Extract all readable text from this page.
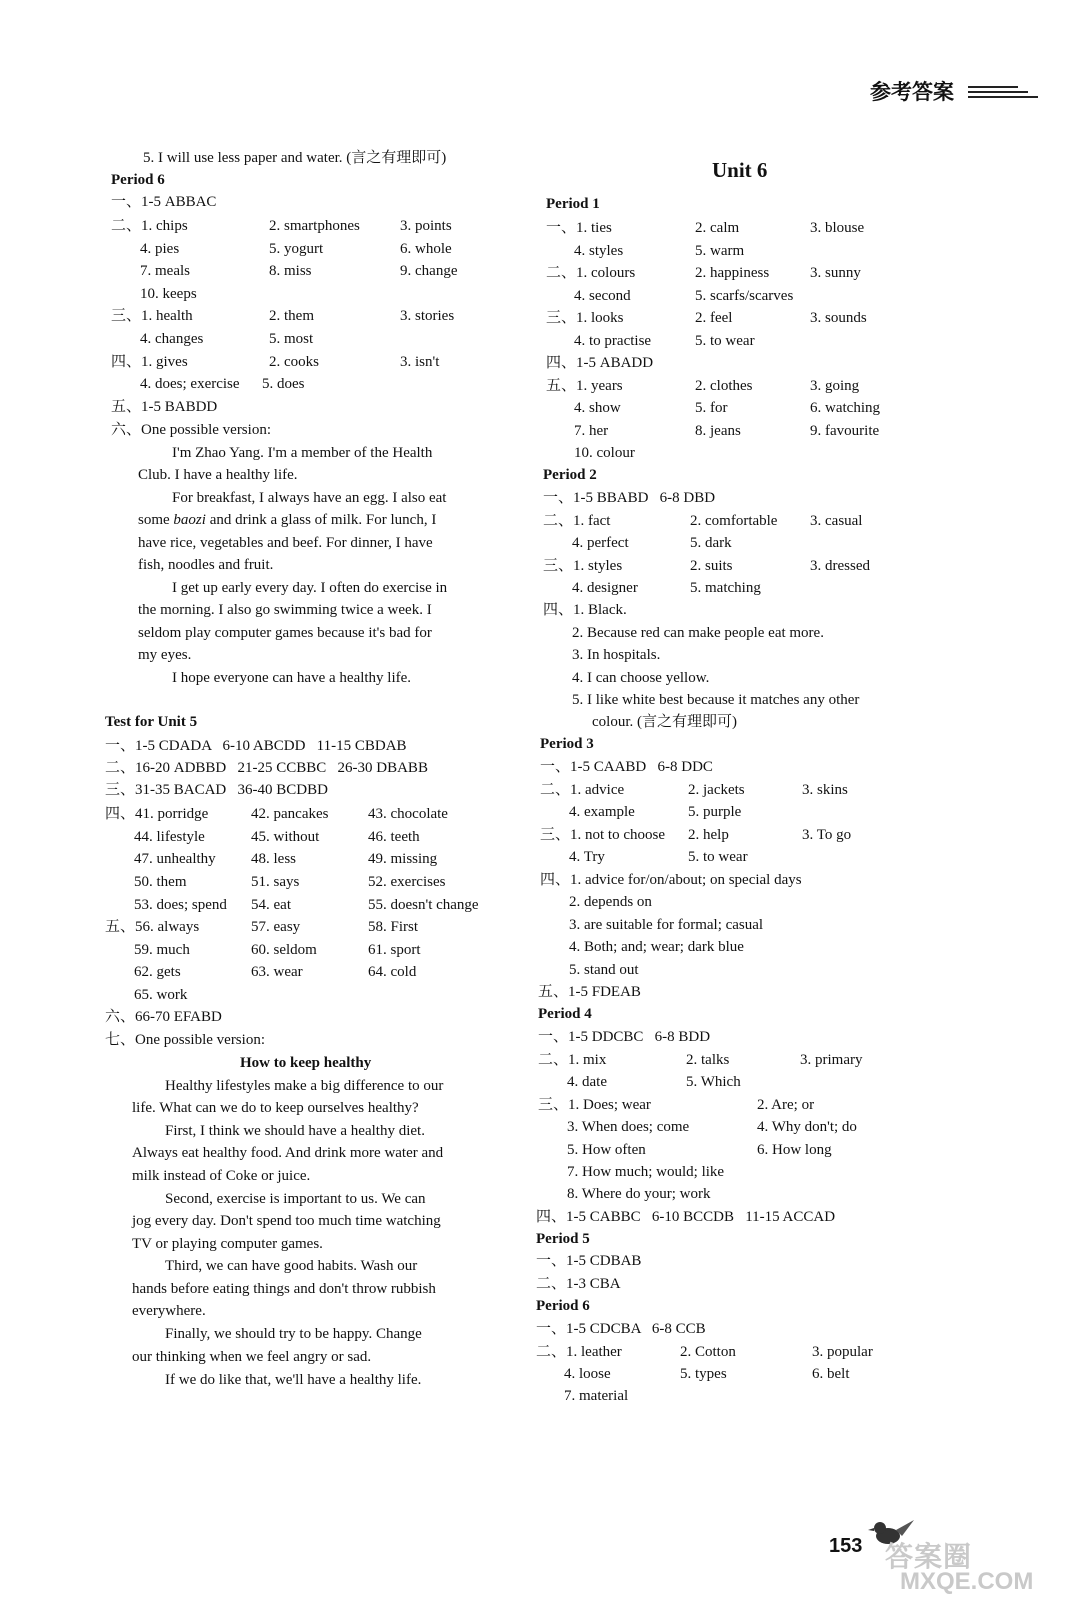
参考答案
5. I will use less paper and water. (言之有理即可)
Period 6
一、1-5 ABBAC
二、1. chips	2. smartphones	3. points
4. pies	5. yogurt	6. whole
7. meals	8. miss	9. change
10. keeps
三、1. health	2. them	3. stories
4. changes	5. most
四、1. gives	2. cooks	3. isn't
4. does; exercise 5. does
五、1-5 BABDD
六、One possible version:
I'm Zhao Yang. I'm a member of the Health
Club. I have a healthy life.
For breakfast, I always have an egg. I also eat
some baozi and drink a glass of milk. For lunch, I
have rice, vegetables and beef. For dinner, I have
fish, noodles and fruit.
I get up early every day. I often do exercise in
the morning. I also go swimming twice a week. I
seldom play computer games because it's bad for
my eyes.
I hope everyone can have a healthy life.
Test for Unit 5
一、1-5 CDADA   6-10 ABCDD   11-15 CBDAB
二、16-20 ADBBD   21-25 CCBBC   26-30 DBABB
三、31-35 BACAD   36-40 BCDBD
四、41. porridge	42. pancakes	43. chocolate
44. lifestyle	45. without	46. teeth
47. unhealthy 48. less	49. missing
50. them	51. says	52. exercises
53. does; spend 54. eat	55. doesn't change
五、56. always	57. easy	58. First
59. much	60. seldom	61. sport
62. gets	63. wear	64. cold
65. work
六、66-70 EFABD
七、One possible version:
How to keep healthy
Healthy lifestyles make a big difference to our
life. What can we do to keep ourselves healthy?
First, I think we should have a healthy diet.
Always eat healthy food. And drink more water and
milk instead of Coke or juice.
Second, exercise is important to us. We can
jog every day. Don't spend too much time watching
TV or playing computer games.
Third, we can have good habits. Wash our
hands before eating things and don't throw rubbish
everywhere.
Finally, we should try to be happy. Change
our thinking when we feel angry or sad.
If we do like that, we'll have a healthy life.
Unit 6
Period 1
一、1. ties	2. calm	3. blouse
4. styles	5. warm
二、1. colours	2. happiness	3. sunny
4. second	5. scarfs/scarves
三、1. looks	2. feel	3. sounds
4. to practise	5. to wear
四、1-5 ABADD
五、1. years	2. clothes	3. going
4. show	5. for	6. watching
7. her	8. jeans	9. favourite
10. colour
Period 2
一、1-5 BBABD   6-8 DBD
二、1. fact	2. comfortable 3. casual
4. perfect	5. dark
三、1. styles	2. suits	3. dressed
4. designer	5. matching
四、1. Black.
2. Because red can make people eat more.
3. In hospitals.
4. I can choose yellow.
5. I like white best because it matches any other
colour. (言之有理即可)
Period 3
一、1-5 CAABD   6-8 DDC
二、1. advice	2. jackets	3. skins
4. example	5. purple
三、1. not to choose 2. help	3. To go
4. Try	5. to wear
四、1. advice for/on/about; on special days
2. depends on
3. are suitable for formal; casual
4. Both; and; wear; dark blue
5. stand out
五、1-5 FDEAB
Period 4
一、1-5 DDCBC   6-8 BDD
二、1. mix	2. talks	3. primary
4. date	5. Which
三、1. Does; wear	2. Are; or
3. When does; come	4. Why don't; do
5. How often	6. How long
7. How much; would; like
8. Where do your; work
四、1-5 CABBC   6-10 BCCDB   11-15 ACCAD
Period 5
一、1-5 CDBAB
二、1-3 CBA
Period 6
一、1-5 CDCBA   6-8 CCB
二、1. leather	2. Cotton	3. popular
4. loose	5. types	6. belt
7. material
153 答案圈
MXQE.COM
